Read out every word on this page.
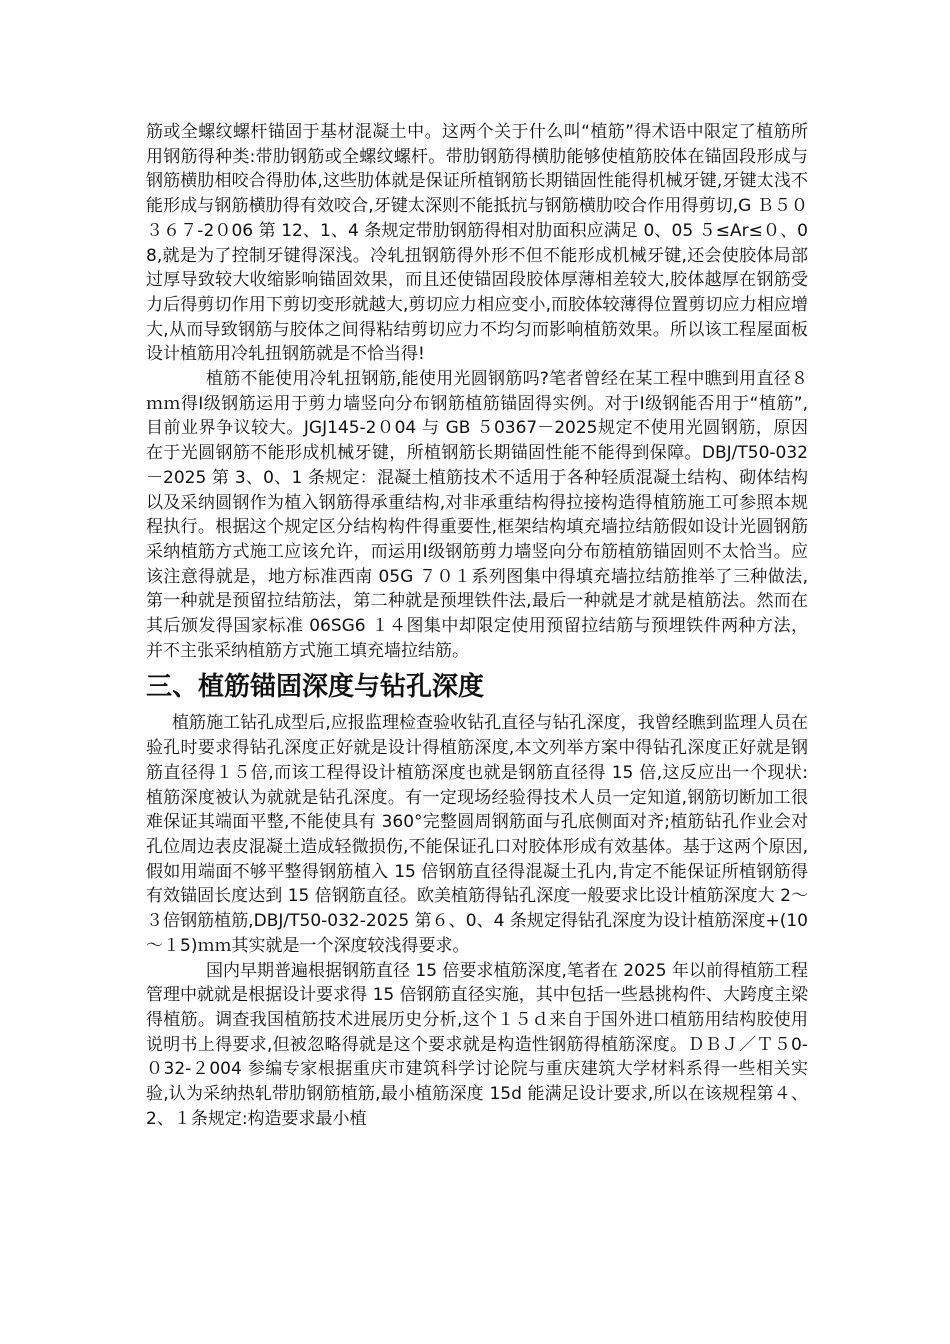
筋或全螺纹螺杆锚固于基材混凝土中。这两个关于什么叫“植筋”得术语中限定了植筋所用钢筋得种类:带肋钢筋或全螺纹螺杆。带肋钢筋得横肋能够使植筋胶体在锚固段形成与钢筋横肋相咬合得肋体,这些肋体就是保证所植钢筋长期锚固性能得机械牙键,牙键太浅不能形成与钢筋横肋得有效咬合,牙键太深则不能抵抗与钢筋横肋咬合作用得剪切,G Ｂ５０３６７-2０06 第 12、1、4 条规定带肋钢筋得相对肋面积应满足 0、05 ５≤Ar≤０、08,就是为了控制牙键得深浅。冷轧扭钢筋得外形不但不能形成机械牙键,还会使胶体局部过厚导致较大收缩影响锚固效果，而且还使锚固段胶体厚薄相差较大,胶体越厚在钢筋受力后得剪切作用下剪切变形就越大,剪切应力相应变小,而胶体较薄得位置剪切应力相应增大,从而导致钢筋与胶体之间得粘结剪切应力不均匀而影响植筋效果。所以该工程屋面板设计植筋用冷轧扭钢筋就是不恰当得!

植筋不能使用冷轧扭钢筋,能使用光圆钢筋吗?笔者曾经在某工程中瞧到用直径８ｍｍ得Ⅰ级钢筋运用于剪力墙竖向分布钢筋植筋锚固得实例。对于Ⅰ级钢能否用于“植筋”,目前业界争议较大。JGJ145-2０04 与 GB ５0367－2025规定不使用光圆钢筋，原因在于光圆钢筋不能形成机械牙键，所植钢筋长期锚固性能不能得到保障。DBJ/T50-032－2025 第 3、0、1 条规定：混凝土植筋技术不适用于各种轻质混凝土结构、砌体结构以及采纳圆钢作为植入钢筋得承重结构,对非承重结构得拉接构造得植筋施工可参照本规程执行。根据这个规定区分结构构件得重要性,框架结构填充墙拉结筋假如设计光圆钢筋采纳植筋方式施工应该允许，而运用Ⅰ级钢筋剪力墙竖向分布筋植筋锚固则不太恰当。应该注意得就是，地方标准西南 05G ７０１系列图集中得填充墙拉结筋推举了三种做法,第一种就是预留拉结筋法，第二种就是预埋铁件法,最后一种就是才就是植筋法。然而在其后颁发得国家标准 06SG6 １４图集中却限定使用预留拉结筋与预埋铁件两种方法，并不主张采纳植筋方式施工填充墙拉结筋。

三、植筋锚固深度与钻孔深度

植筋施工钻孔成型后,应报监理检查验收钻孔直径与钻孔深度，我曾经瞧到监理人员在验孔时要求得钻孔深度正好就是设计得植筋深度,本文列举方案中得钻孔深度正好就是钢筋直径得１５倍,而该工程得设计植筋深度也就是钢筋直径得 15 倍,这反应出一个现状: 植筋深度被认为就就是钻孔深度。有一定现场经验得技术人员一定知道,钢筋切断加工很难保证其端面平整,不能使具有 360°完整圆周钢筋面与孔底侧面对齐;植筋钻孔作业会对孔位周边表皮混凝土造成轻微损伤,不能保证孔口对胶体形成有效基体。基于这两个原因,假如用端面不够平整得钢筋植入 15 倍钢筋直径得混凝土孔内,肯定不能保证所植钢筋得有效锚固长度达到 15 倍钢筋直径。欧美植筋得钻孔深度一般要求比设计植筋深度大 2～３倍钢筋植筋,DBJ/T50-032-2025 第６、0、4 条规定得钻孔深度为设计植筋深度+(10～１5)ｍｍ其实就是一个深度较浅得要求。

国内早期普遍根据钢筋直径 15 倍要求植筋深度,笔者在 2025 年以前得植筋工程管理中就就是根据设计要求得 15 倍钢筋直径实施，其中包括一些悬挑构件、大跨度主梁得植筋。调查我国植筋技术进展历史分析,这个１５ｄ来自于国外进口植筋用结构胶使用说明书上得要求,但被忽略得就是这个要求就是构造性钢筋得植筋深度。ＤＢＪ／Ｔ５0-０32-２004 参编专家根据重庆市建筑科学讨论院与重庆建筑大学材料系得一些相关实验,认为采纳热轧带肋钢筋植筋,最小植筋深度 15d 能满足设计要求,所以在该规程第４、2、１条规定:构造要求最小植
